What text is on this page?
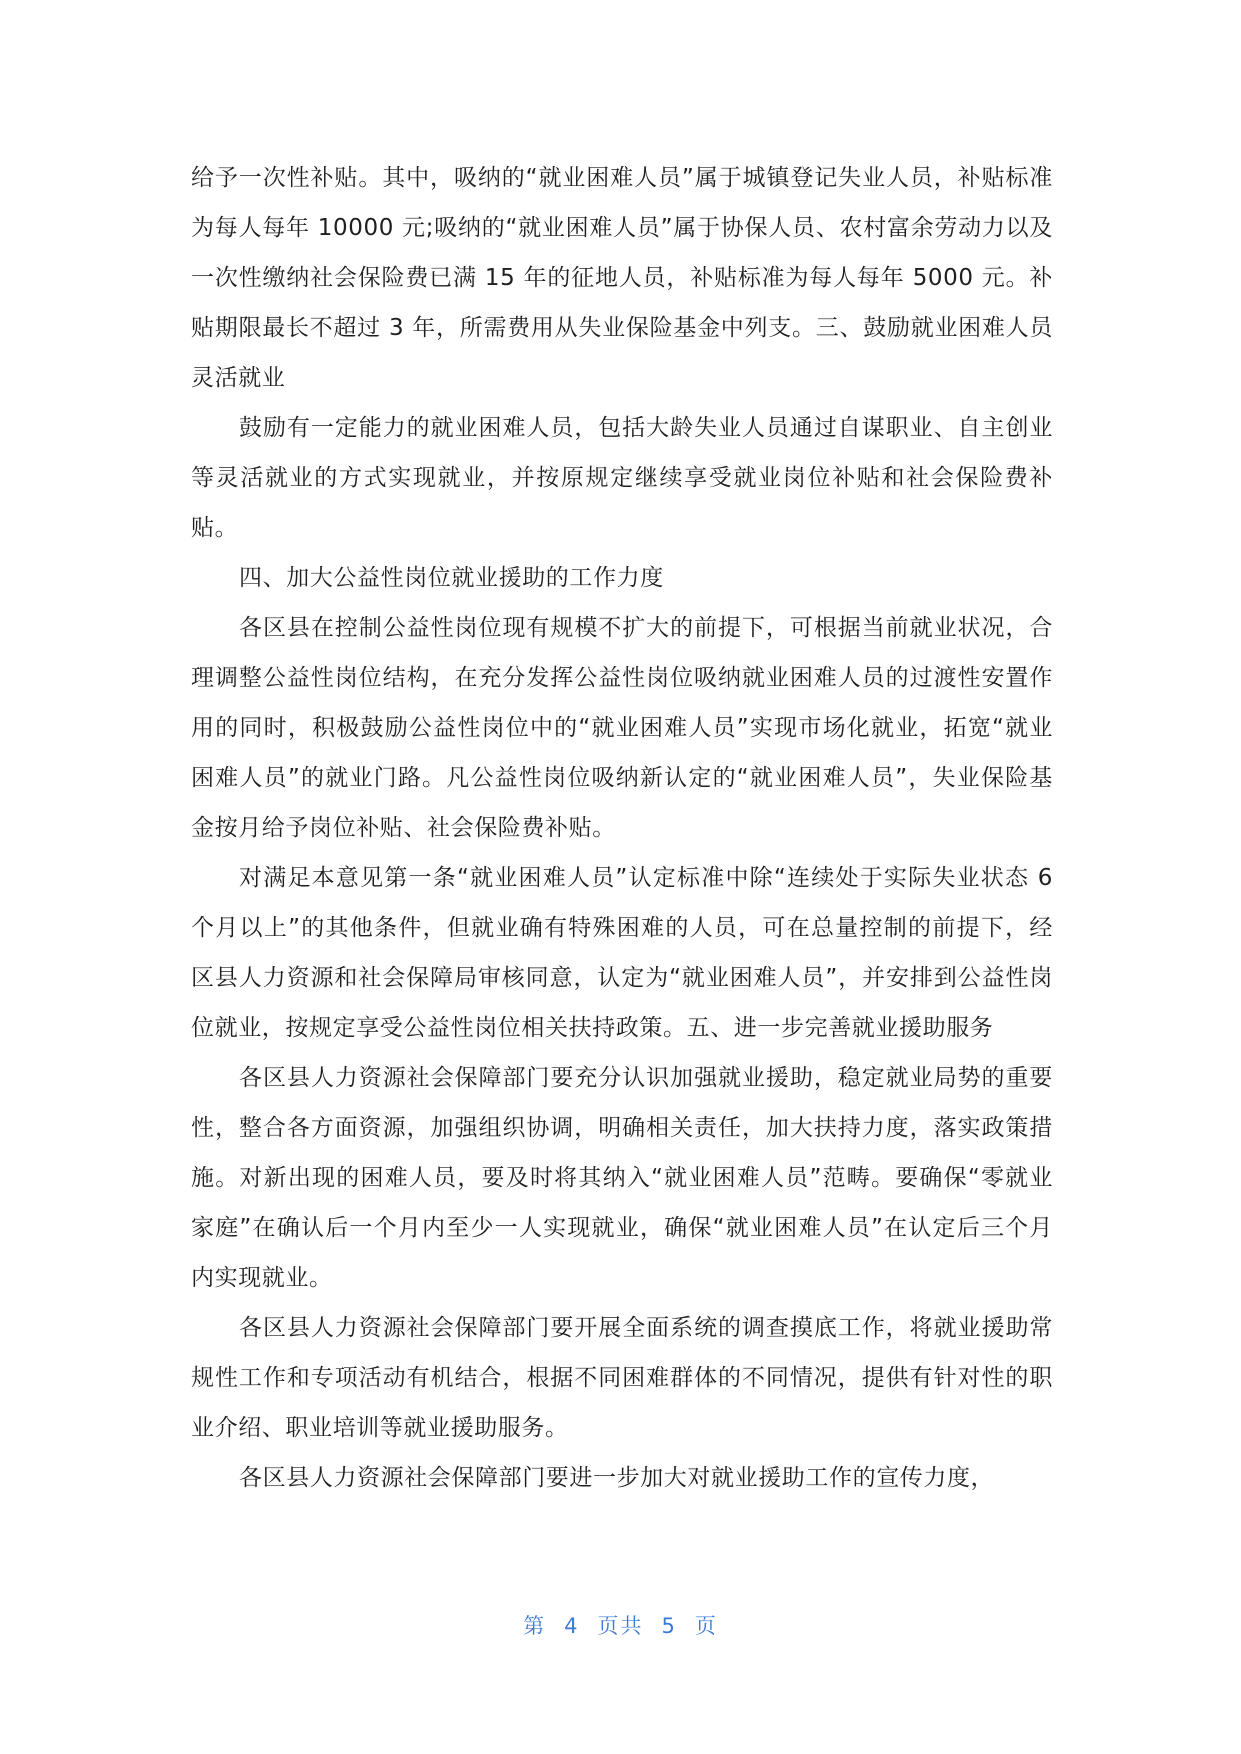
给予一次性补贴。其中，吸纳的“就业困难人员”属于城镇登记失业人员，补贴标准为每人每年 10000 元;吸纳的“就业困难人员”属于协保人员、农村富余劳动力以及一次性缴纳社会保险费已满 15 年的征地人员，补贴标准为每人每年 5000 元。补贴期限最长不超过 3 年，所需费用从失业保险基金中列支。三、鼓励就业困难人员灵活就业

鼓励有一定能力的就业困难人员，包括大龄失业人员通过自谋职业、自主创业等灵活就业的方式实现就业，并按原规定继续享受就业岗位补贴和社会保险费补贴。

四、加大公益性岗位就业援助的工作力度

各区县在控制公益性岗位现有规模不扩大的前提下，可根据当前就业状况，合理调整公益性岗位结构，在充分发挥公益性岗位吸纳就业困难人员的过渡性安置作用的同时，积极鼓励公益性岗位中的“就业困难人员”实现市场化就业，拓宽“就业困难人员”的就业门路。凡公益性岗位吸纳新认定的“就业困难人员”，失业保险基金按月给予岗位补贴、社会保险费补贴。

对满足本意见第一条“就业困难人员”认定标准中除“连续处于实际失业状态 6 个月以上”的其他条件，但就业确有特殊困难的人员，可在总量控制的前提下，经区县人力资源和社会保障局审核同意，认定为“就业困难人员”，并安排到公益性岗位就业，按规定享受公益性岗位相关扶持政策。五、进一步完善就业援助服务

各区县人力资源社会保障部门要充分认识加强就业援助，稳定就业局势的重要性，整合各方面资源，加强组织协调，明确相关责任，加大扶持力度，落实政策措施。对新出现的困难人员，要及时将其纳入“就业困难人员”范畴。要确保“零就业家庭”在确认后一个月内至少一人实现就业，确保“就业困难人员”在认定后三个月内实现就业。

各区县人力资源社会保障部门要开展全面系统的调查摸底工作，将就业援助常规性工作和专项活动有机结合，根据不同困难群体的不同情况，提供有针对性的职业介绍、职业培训等就业援助服务。

各区县人力资源社会保障部门要进一步加大对就业援助工作的宣传力度，

第 4 页共 5 页
